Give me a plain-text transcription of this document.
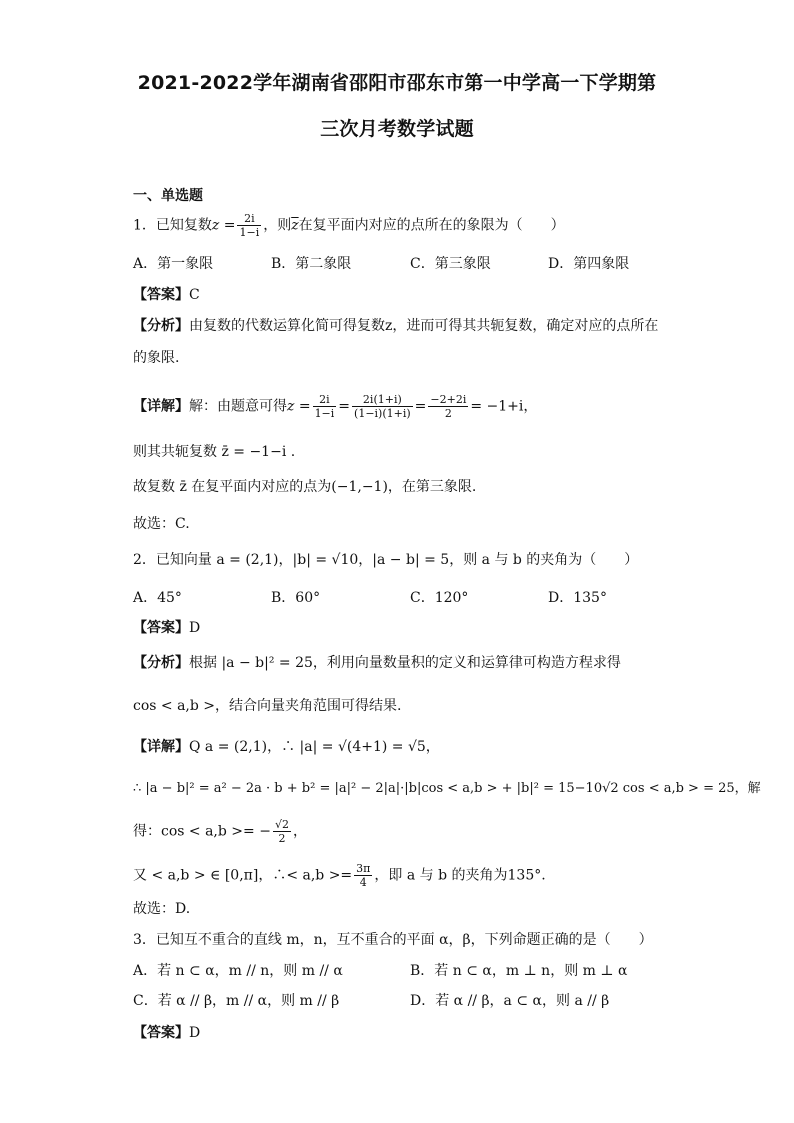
2021-2022学年湖南省邵阳市邵东市第一中学高一下学期第
三次月考数学试题
一、单选题
1．已知复数$z = \frac{2i}{1-i}$ ，则$\overline{z}$在复平面内对应的点所在的象限为（　　）
A．第一象限	B．第二象限	C．第三象限	D．第四象限
【答案】C
【分析】由复数的代数运算化简可得复数z，进而可得其共轭复数，确定对应的点所在
的象限.
【详解】解：由题意可得$z = \frac{2i}{1-i} = \frac{2i(1+i)}{(1-i)(1+i)} = \frac{-2+2i}{2} = -1+i$，
则其共轭复数 z̄ = −1−i .
故复数 z̄ 在复平面内对应的点为(−1,−1)，在第三象限.
故选：C.
2．已知向量 a = (2,1)，|b| = √10，|a − b| = 5，则 a 与 b 的夹角为（　　）
A．45°	B．60°	C．120°	D．135°
【答案】D
【分析】根据 |a − b|² = 25，利用向量数量积的定义和运算律可构造方程求得
cos < a,b >，结合向量夹角范围可得结果.
【详解】Q a = (2,1)，∴ |a| = √(4+1) = √5，
∴ |a − b|² = a² − 2a · b + b² = |a|² − 2|a|·|b|cos < a,b > + |b|² = 15−10√2 cos < a,b > = 25，解
得：cos < a,b >= − $\frac{√2}{2}$ ，
又 < a,b > ∈ [0,π]，∴< $a,b >= \frac{3\pi}{4}$ ，即 a 与 b 的夹角为135°.
故选：D.
3．已知互不重合的直线 m，n，互不重合的平面 α，β，下列命题正确的是（　　）
A．若 n ⊂ α，m // n，则 m // α	B．若 n ⊂ α，m ⊥ n，则 m ⊥ α
C．若 α // β，m // α，则 m // β	D．若 α // β，a ⊂ α，则 a // β
【答案】D
